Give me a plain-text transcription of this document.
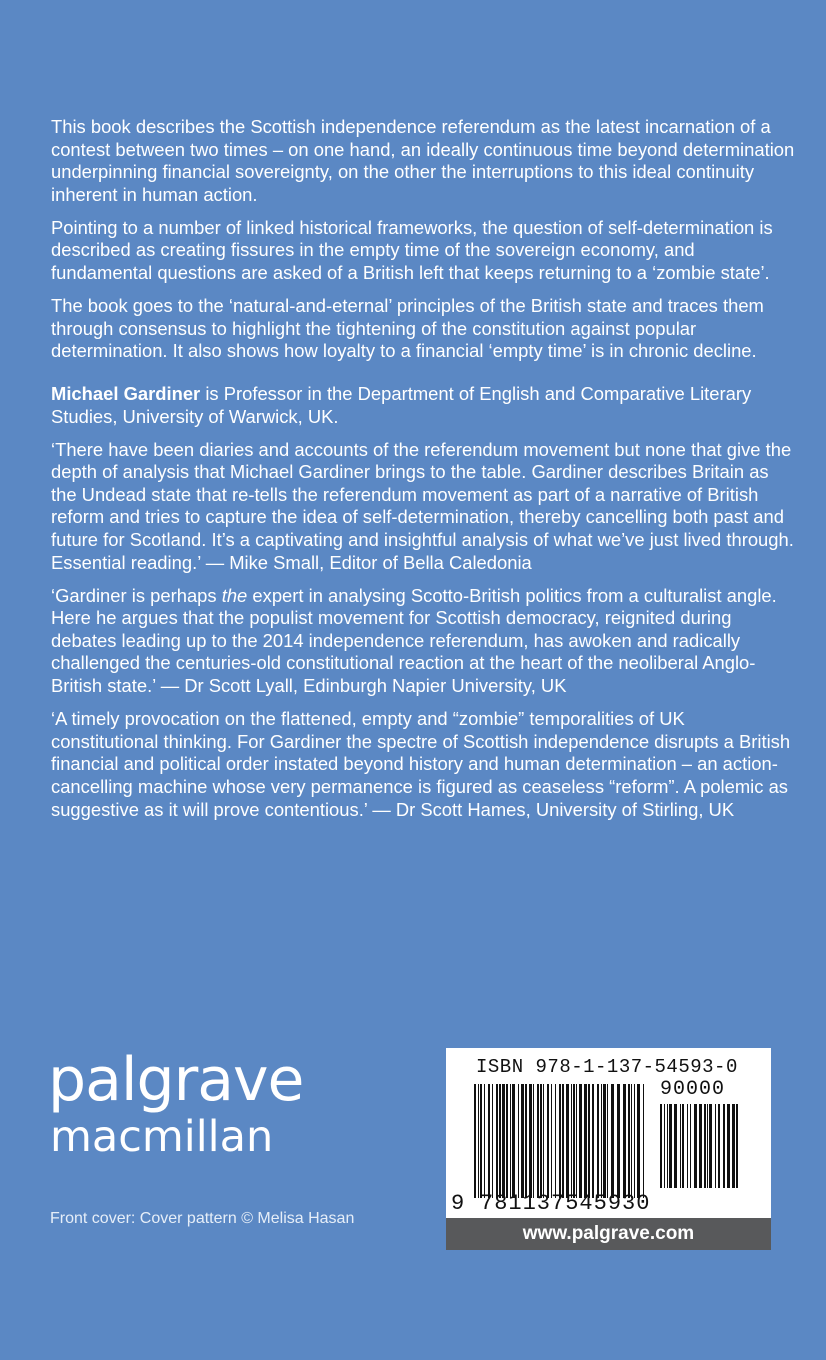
This book describes the Scottish independence referendum as the latest incarnation of a contest between two times – on one hand, an ideally continuous time beyond determination underpinning financial sovereignty, on the other the interruptions to this ideal continuity inherent in human action.

Pointing to a number of linked historical frameworks, the question of self-determination is described as creating fissures in the empty time of the sovereign economy, and fundamental questions are asked of a British left that keeps returning to a ‘zombie state’.

The book goes to the ‘natural-and-eternal’ principles of the British state and traces them through consensus to highlight the tightening of the constitution against popular determination. It also shows how loyalty to a financial ‘empty time’ is in chronic decline.

Michael Gardiner is Professor in the Department of English and Comparative Literary Studies, University of Warwick, UK.

‘There have been diaries and accounts of the referendum movement but none that give the depth of analysis that Michael Gardiner brings to the table. Gardiner describes Britain as the Undead state that re-tells the referendum movement as part of a narrative of British reform and tries to capture the idea of self-determination, thereby cancelling both past and future for Scotland. It’s a captivating and insightful analysis of what we’ve just lived through. Essential reading.’ — Mike Small, Editor of Bella Caledonia

‘Gardiner is perhaps the expert in analysing Scotto-British politics from a culturalist angle. Here he argues that the populist movement for Scottish democracy, reignited during debates leading up to the 2014 independence referendum, has awoken and radically challenged the centuries-old constitutional reaction at the heart of the neoliberal Anglo-British state.’ — Dr Scott Lyall, Edinburgh Napier University, UK

‘A timely provocation on the flattened, empty and “zombie” temporalities of UK constitutional thinking. For Gardiner the spectre of Scottish independence disrupts a British financial and political order instated beyond history and human determination – an action-cancelling machine whose very permanence is figured as ceaseless “reform”. A polemic as suggestive as it will prove contentious.’ — Dr Scott Hames, University of Stirling, UK

palgrave
macmillan
Front cover: Cover pattern © Melisa Hasan
ISBN 978-1-137-54593-0
90000
9 781137545930
www.palgrave.com
